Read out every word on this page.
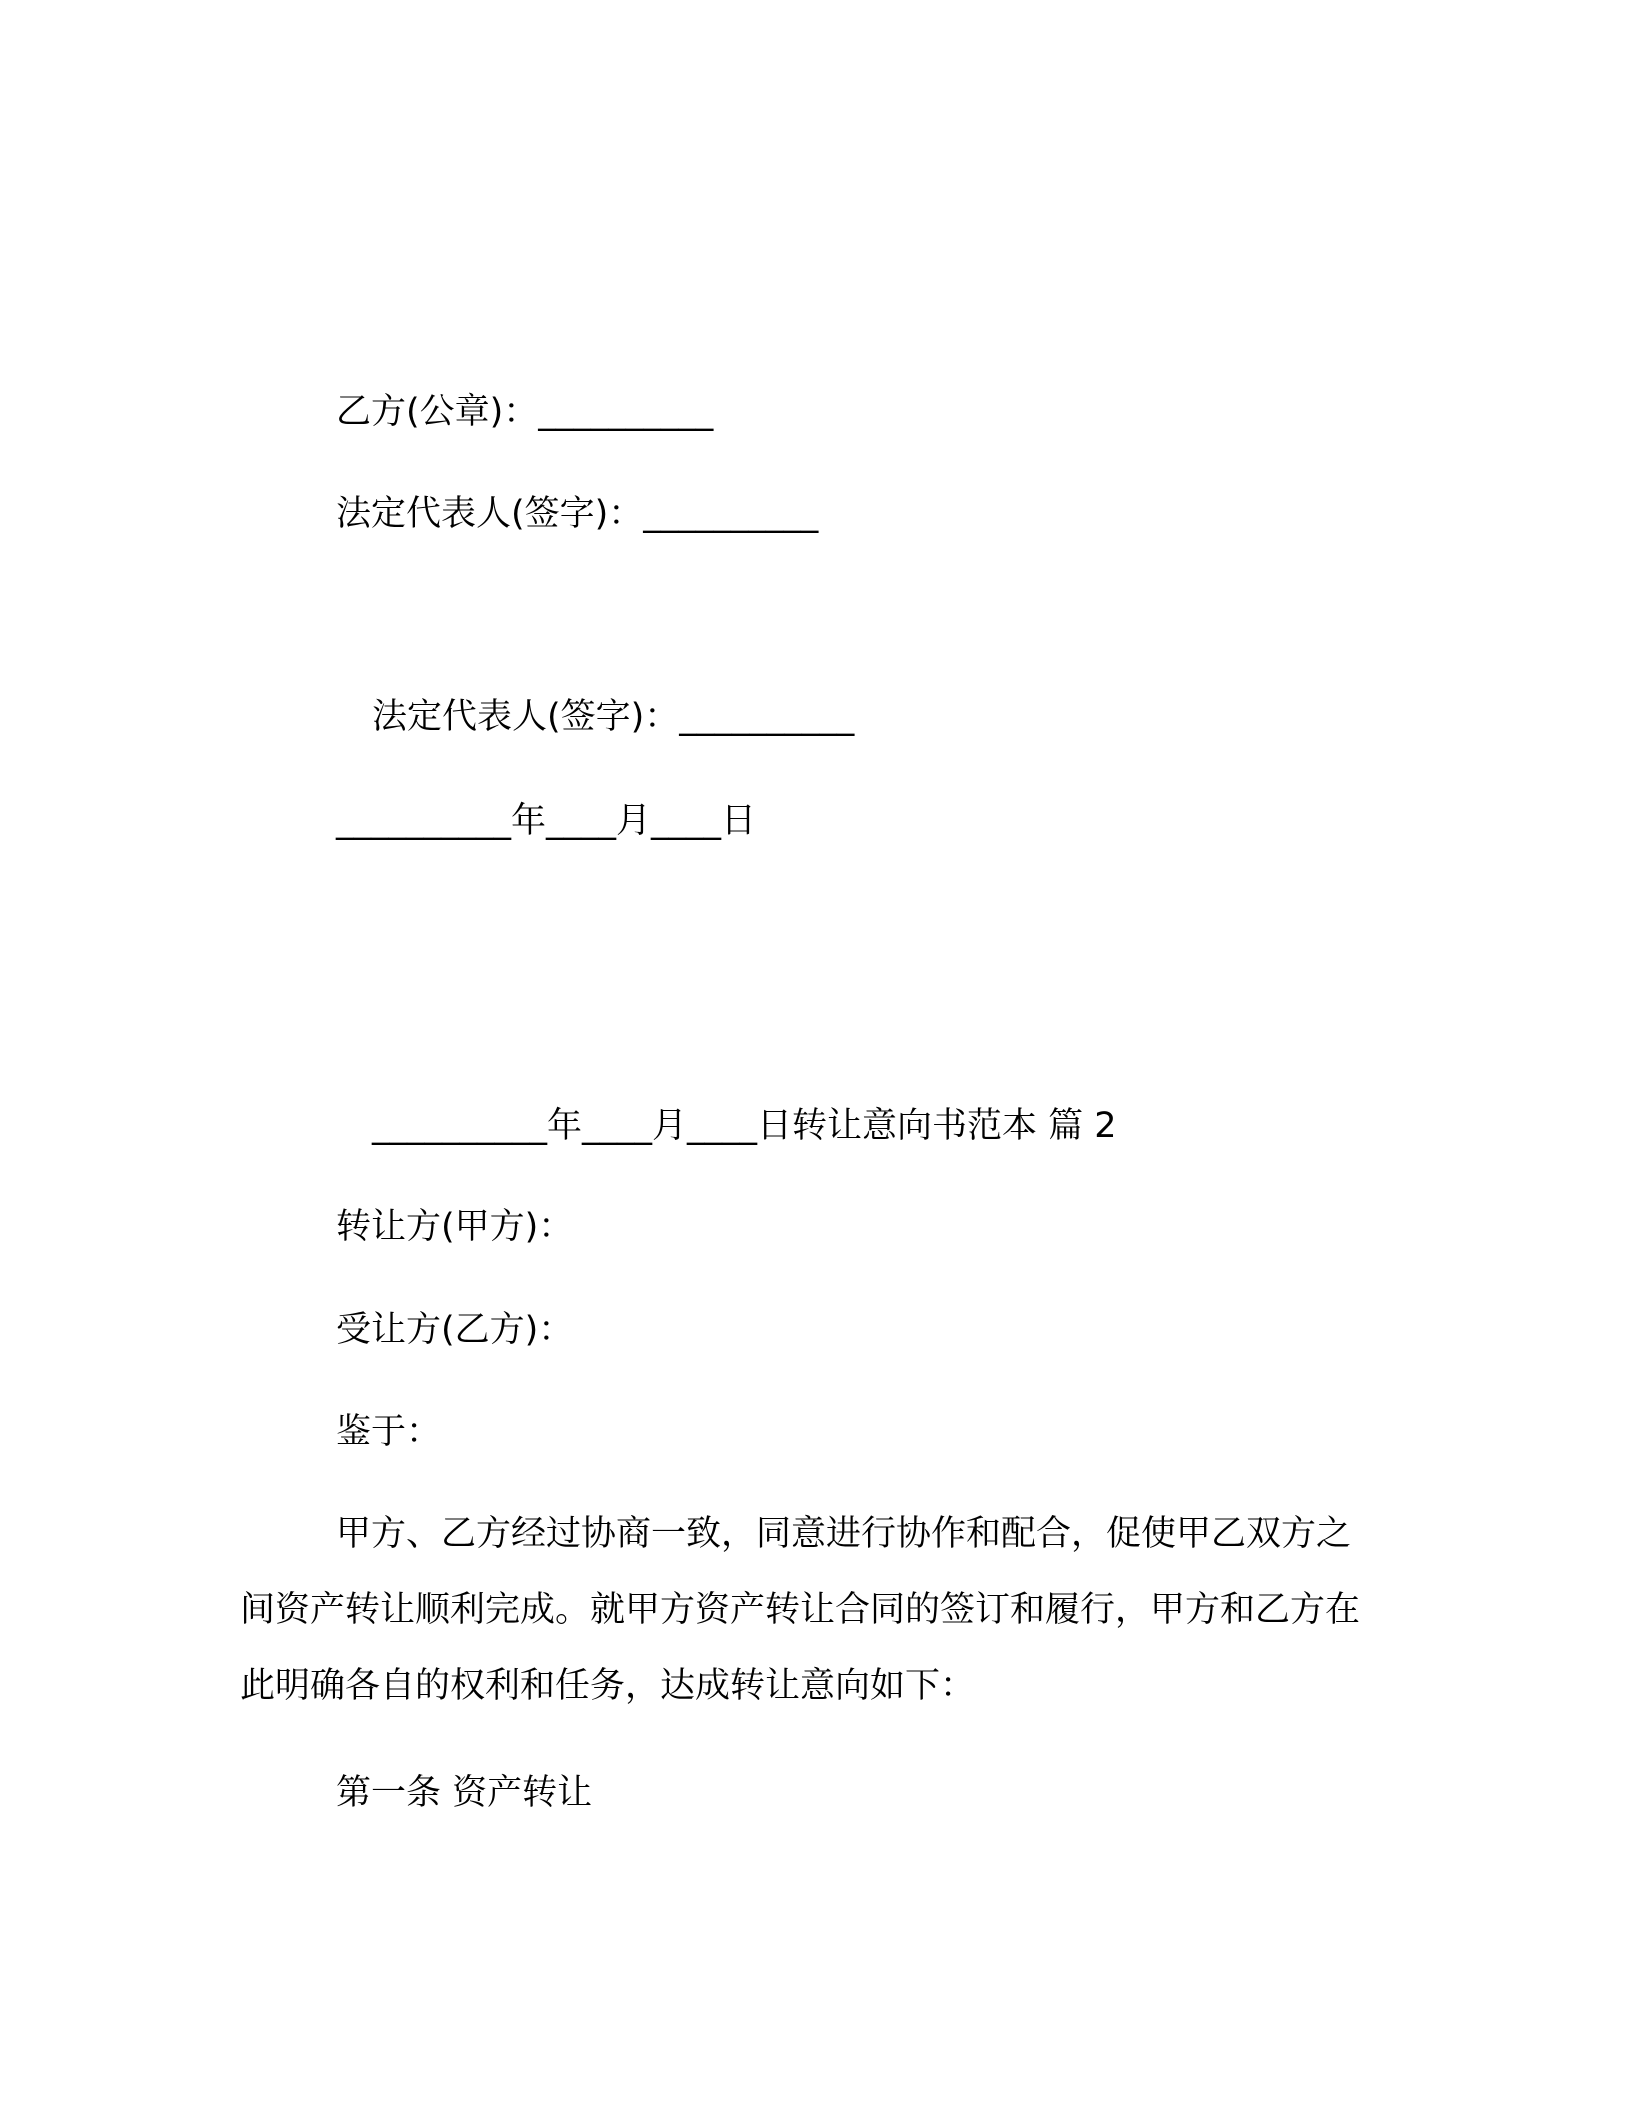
乙方(公章)：__________
法定代表人(签字)：__________
法定代表人(签字)：__________
__________年____月____日
__________年____月____日转让意向书范本 篇 2
转让方(甲方)：
受让方(乙方)：
鉴于：
甲方、乙方经过协商一致，同意进行协作和配合，促使甲乙双方之间资产转让顺利完成。就甲方资产转让合同的签订和履行，甲方和乙方在此明确各自的权利和任务，达成转让意向如下：
第一条 资产转让
